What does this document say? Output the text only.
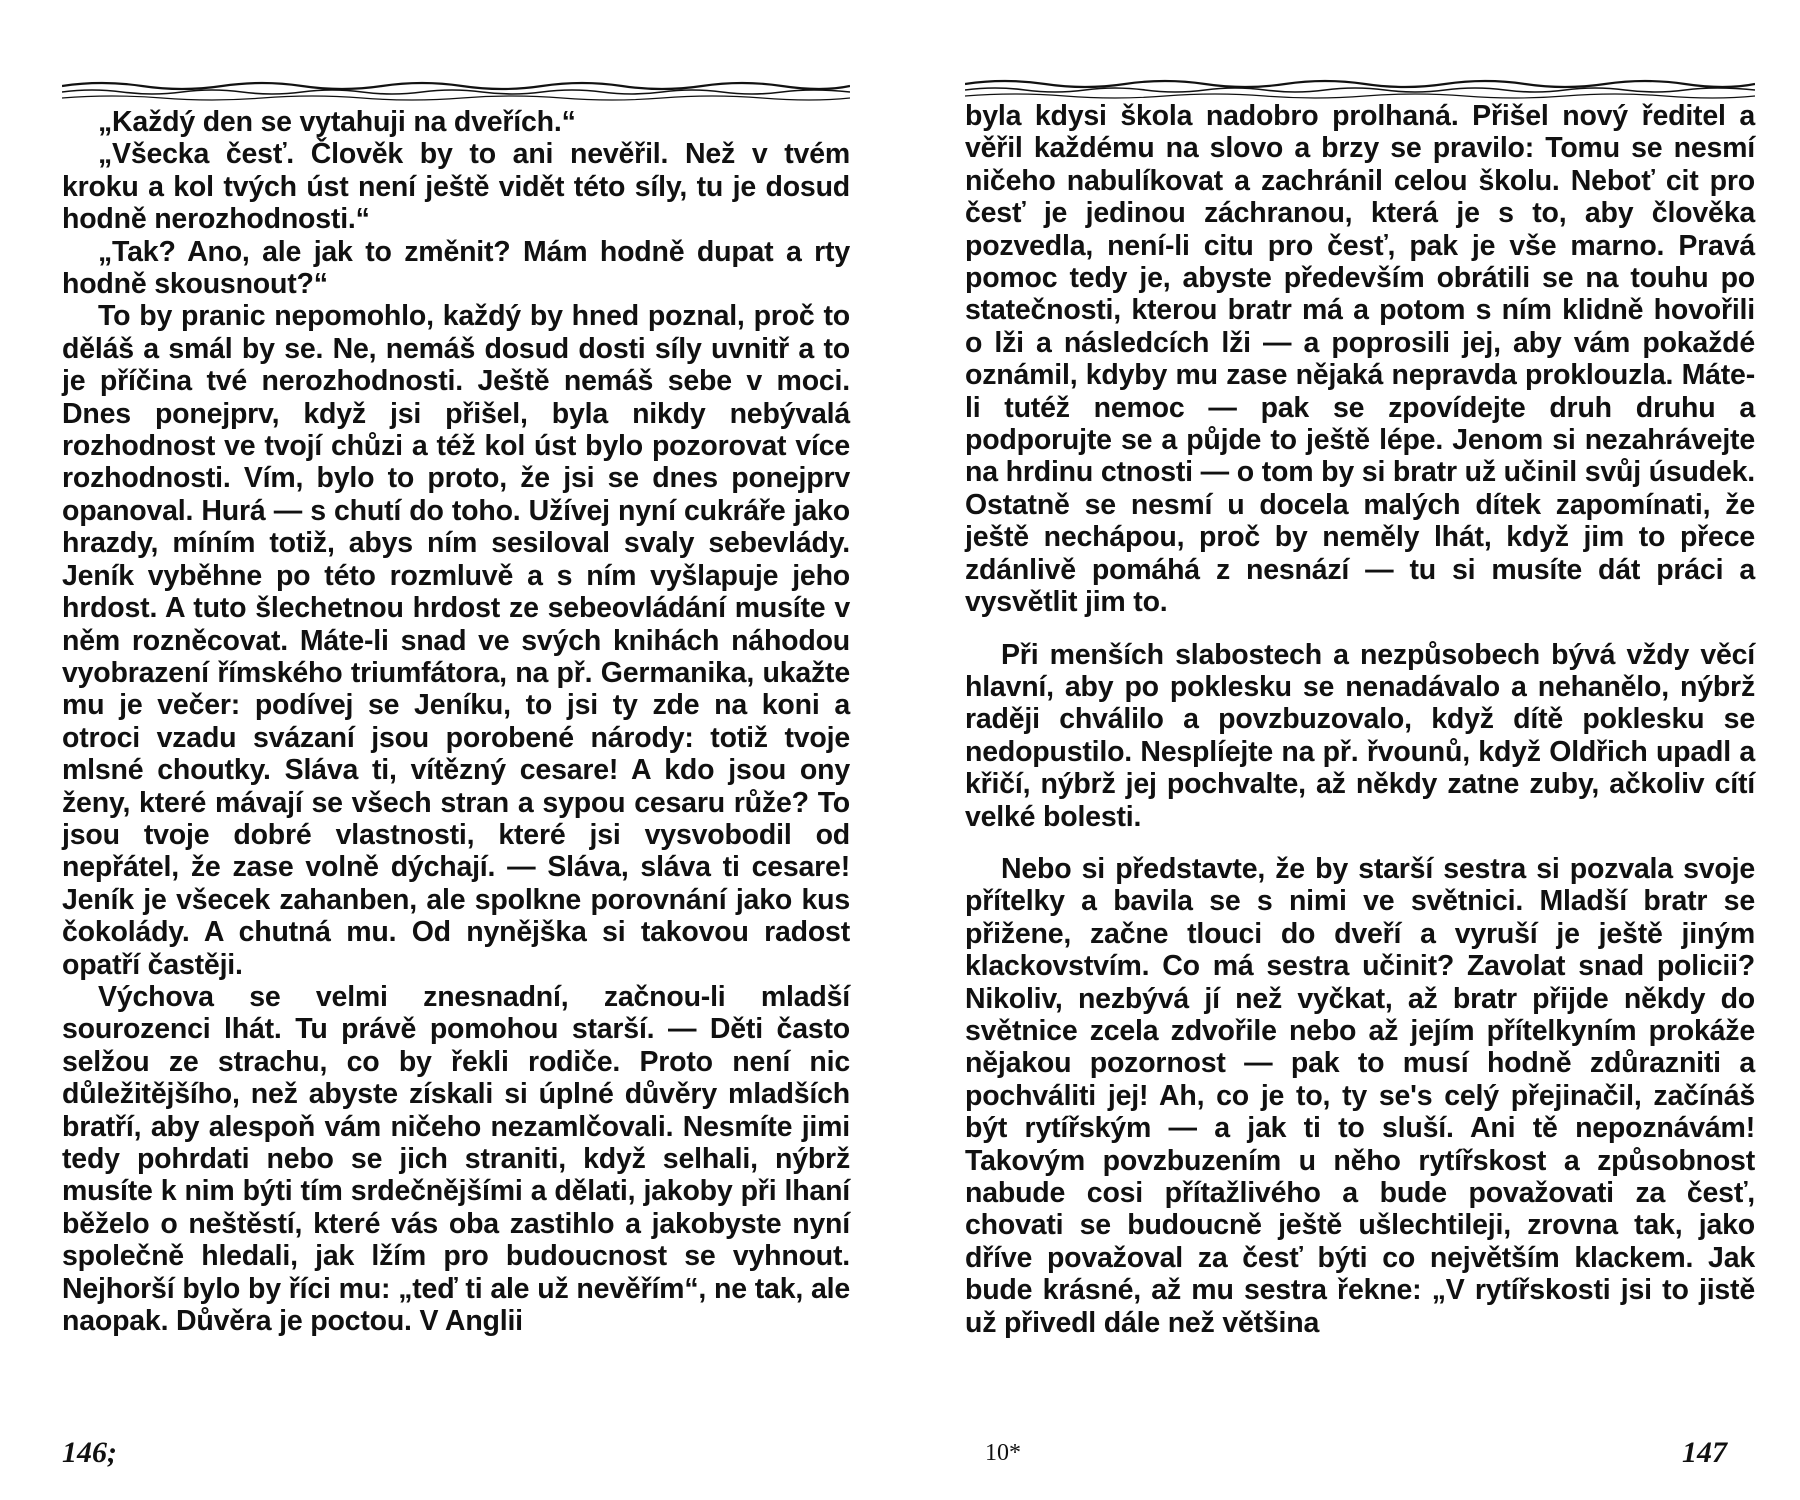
„Každý den se vytahuji na dveřích.“

„Všecka česť. Člověk by to ani nevěřil. Než v tvém kroku a kol tvých úst není ještě vidět této síly, tu je dosud hodně nerozhodnosti.“

„Tak? Ano, ale jak to změnit? Mám hodně dupat a rty hodně skousnout?“

To by pranic nepomohlo, každý by hned poznal, proč to děláš a smál by se. Ne, nemáš dosud dosti síly uvnitř a to je příčina tvé nerozhodnosti. Ještě nemáš sebe v moci. Dnes ponejprv, když jsi přišel, byla nikdy nebývalá rozhodnost ve tvojí chůzi a též kol úst bylo pozorovat více rozhodnosti. Vím, bylo to proto, že jsi se dnes ponejprv opanoval. Hurá — s chutí do toho. Užívej nyní cukráře jako hrazdy, míním totiž, abys ním sesiloval svaly sebevlády. Jeník vyběhne po této rozmluvě a s ním vyšlapuje jeho hrdost. A tuto šlechetnou hrdost ze sebeovládání musíte v něm rozněcovat. Máte-li snad ve svých knihách náhodou vyobrazení římského triumfátora, na př. Germanika, ukažte mu je večer: podívej se Jeníku, to jsi ty zde na koni a otroci vzadu svázaní jsou porobené národy: totiž tvoje mlsné choutky. Sláva ti, vítězný cesare! A kdo jsou ony ženy, které mávají se všech stran a sypou cesaru růže? To jsou tvoje dobré vlastnosti, které jsi vysvobodil od nepřátel, že zase volně dýchají. — Sláva, sláva ti cesare! Jeník je všecek zahanben, ale spolkne porovnání jako kus čokolády. A chutná mu. Od nynějška si takovou radost opatří častěji.

Výchova se velmi znesnadní, začnou-li mladší sourozenci lhát. Tu právě pomohou starší. — Děti často selžou ze strachu, co by řekli rodiče. Proto není nic důležitějšího, než abyste získali si úplné důvěry mladších bratří, aby alespoň vám ničeho nezamlčovali. Nesmíte jimi tedy pohrdati nebo se jich straniti, když selhali, nýbrž musíte k nim býti tím srdečnějšími a dělati, jakoby při lhaní běželo o neštěstí, které vás oba zastihlo a jakobyste nyní společně hledali, jak lžím pro budoucnost se vyhnout. Nejhorší bylo by říci mu: „teď ti ale už nevěřím“, ne tak, ale naopak. Důvěra je poctou. V Anglii

146;

byla kdysi škola nadobro prolhaná. Přišel nový ředitel a věřil každému na slovo a brzy se pravilo: Tomu se nesmí ničeho nabulíkovat a zachránil celou školu. Neboť cit pro česť je jedinou záchranou, která je s to, aby člověka pozvedla, není-li citu pro česť, pak je vše marno. Pravá pomoc tedy je, abyste především obrátili se na touhu po statečnosti, kterou bratr má a potom s ním klidně hovořili o lži a následcích lži — a poprosili jej, aby vám pokaždé oznámil, kdyby mu zase nějaká nepravda proklouzla. Máte-li tutéž nemoc — pak se zpovídejte druh druhu a podporujte se a půjde to ještě lépe. Jenom si nezahrávejte na hrdinu ctnosti — o tom by si bratr už učinil svůj úsudek. Ostatně se nesmí u docela malých dítek zapomínati, že ještě nechápou, proč by neměly lhát, když jim to přece zdánlivě pomáhá z nesnází — tu si musíte dát práci a vysvětlit jim to.

Při menších slabostech a nezpůsobech bývá vždy věcí hlavní, aby po poklesku se nenadávalo a nehanělo, nýbrž raději chválilo a povzbuzovalo, když dítě poklesku se nedopustilo. Nesplíejte na př. řvounů, když Oldřich upadl a křičí, nýbrž jej pochvalte, až někdy zatne zuby, ačkoliv cítí velké bolesti.

Nebo si představte, že by starší sestra si pozvala svoje přítelky a bavila se s nimi ve světnici. Mladší bratr se přižene, začne tlouci do dveří a vyruší je ještě jiným klackovstvím. Co má sestra učinit? Zavolat snad policii? Nikoliv, nezbývá jí než vyčkat, až bratr přijde někdy do světnice zcela zdvořile nebo až jejím přítelkyním prokáže nějakou pozornost — pak to musí hodně zdůrazniti a pochváliti jej! Ah, co je to, ty se's celý přejinačil, začínáš být rytířským — a jak ti to sluší. Ani tě nepoznávám! Takovým povzbuzením u něho rytířskost a způsobnost nabude cosi přítažlivého a bude považovati za česť, chovati se budoucně ještě ušlechtileji, zrovna tak, jako dříve považoval za česť býti co největším klackem. Jak bude krásné, až mu sestra řekne: „V rytířskosti jsi to jistě už přivedl dále než většina

10*	147
